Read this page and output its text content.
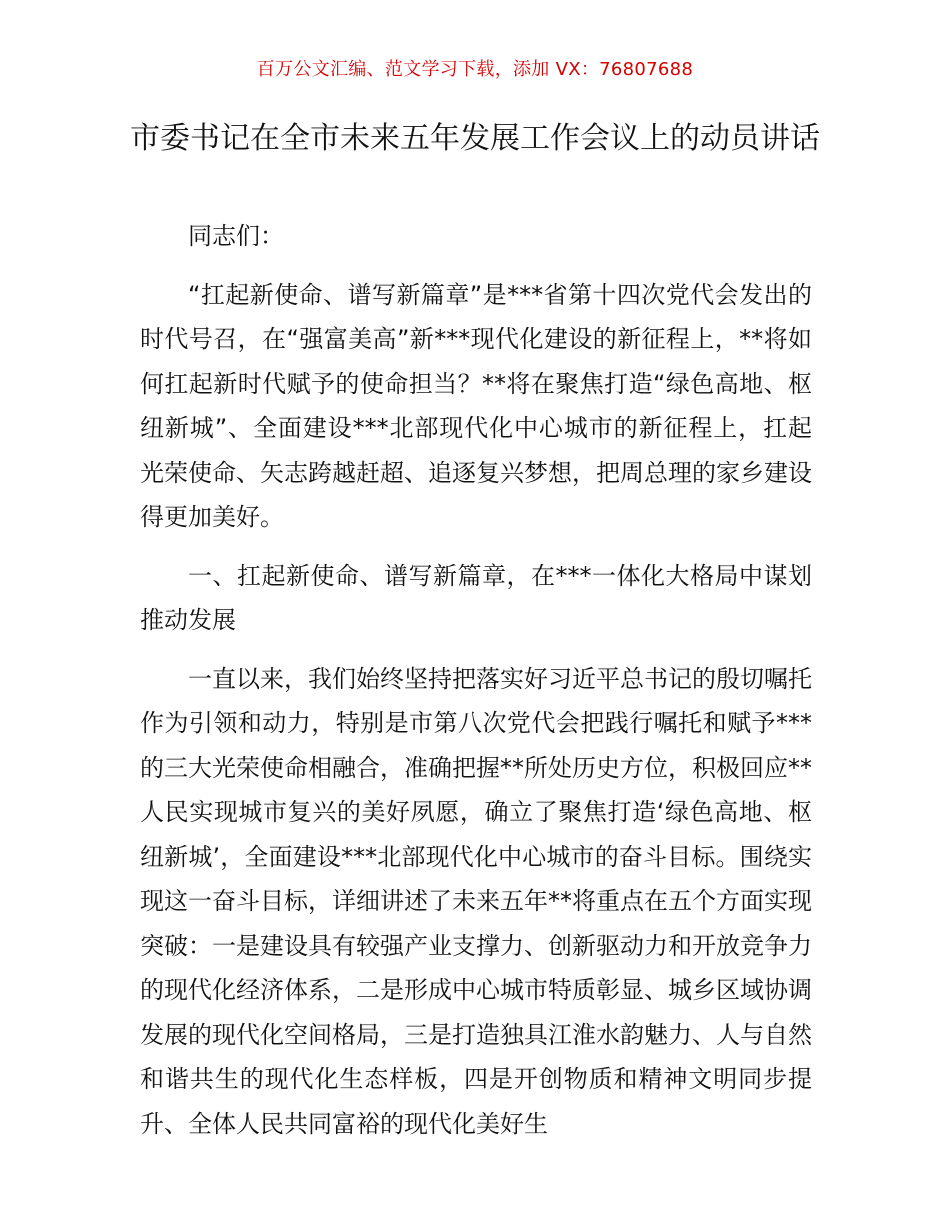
百万公文汇编、范文学习下载，添加 VX：76807688
市委书记在全市未来五年发展工作会议上的动员讲话

同志们：

“扛起新使命、谱写新篇章”是***省第十四次党代会发出的时代号召，在“强富美高”新***现代化建设的新征程上，**将如何扛起新时代赋予的使命担当？**将在聚焦打造“绿色高地、枢纽新城”、全面建设***北部现代化中心城市的新征程上，扛起光荣使命、矢志跨越赶超、追逐复兴梦想，把周总理的家乡建设得更加美好。

一、扛起新使命、谱写新篇章，在***一体化大格局中谋划推动发展

一直以来，我们始终坚持把落实好习近平总书记的殷切嘱托作为引领和动力，特别是市第八次党代会把践行嘱托和赋予***的三大光荣使命相融合，准确把握**所处历史方位，积极回应**人民实现城市复兴的美好夙愿，确立了聚焦打造‘绿色高地、枢纽新城’，全面建设***北部现代化中心城市的奋斗目标。围绕实现这一奋斗目标，详细讲述了未来五年**将重点在五个方面实现突破：一是建设具有较强产业支撑力、创新驱动力和开放竞争力的现代化经济体系，二是形成中心城市特质彰显、城乡区域协调发展的现代化空间格局，三是打造独具江淮水韵魅力、人与自然和谐共生的现代化生态样板，四是开创物质和精神文明同步提升、全体人民共同富裕的现代化美好生
